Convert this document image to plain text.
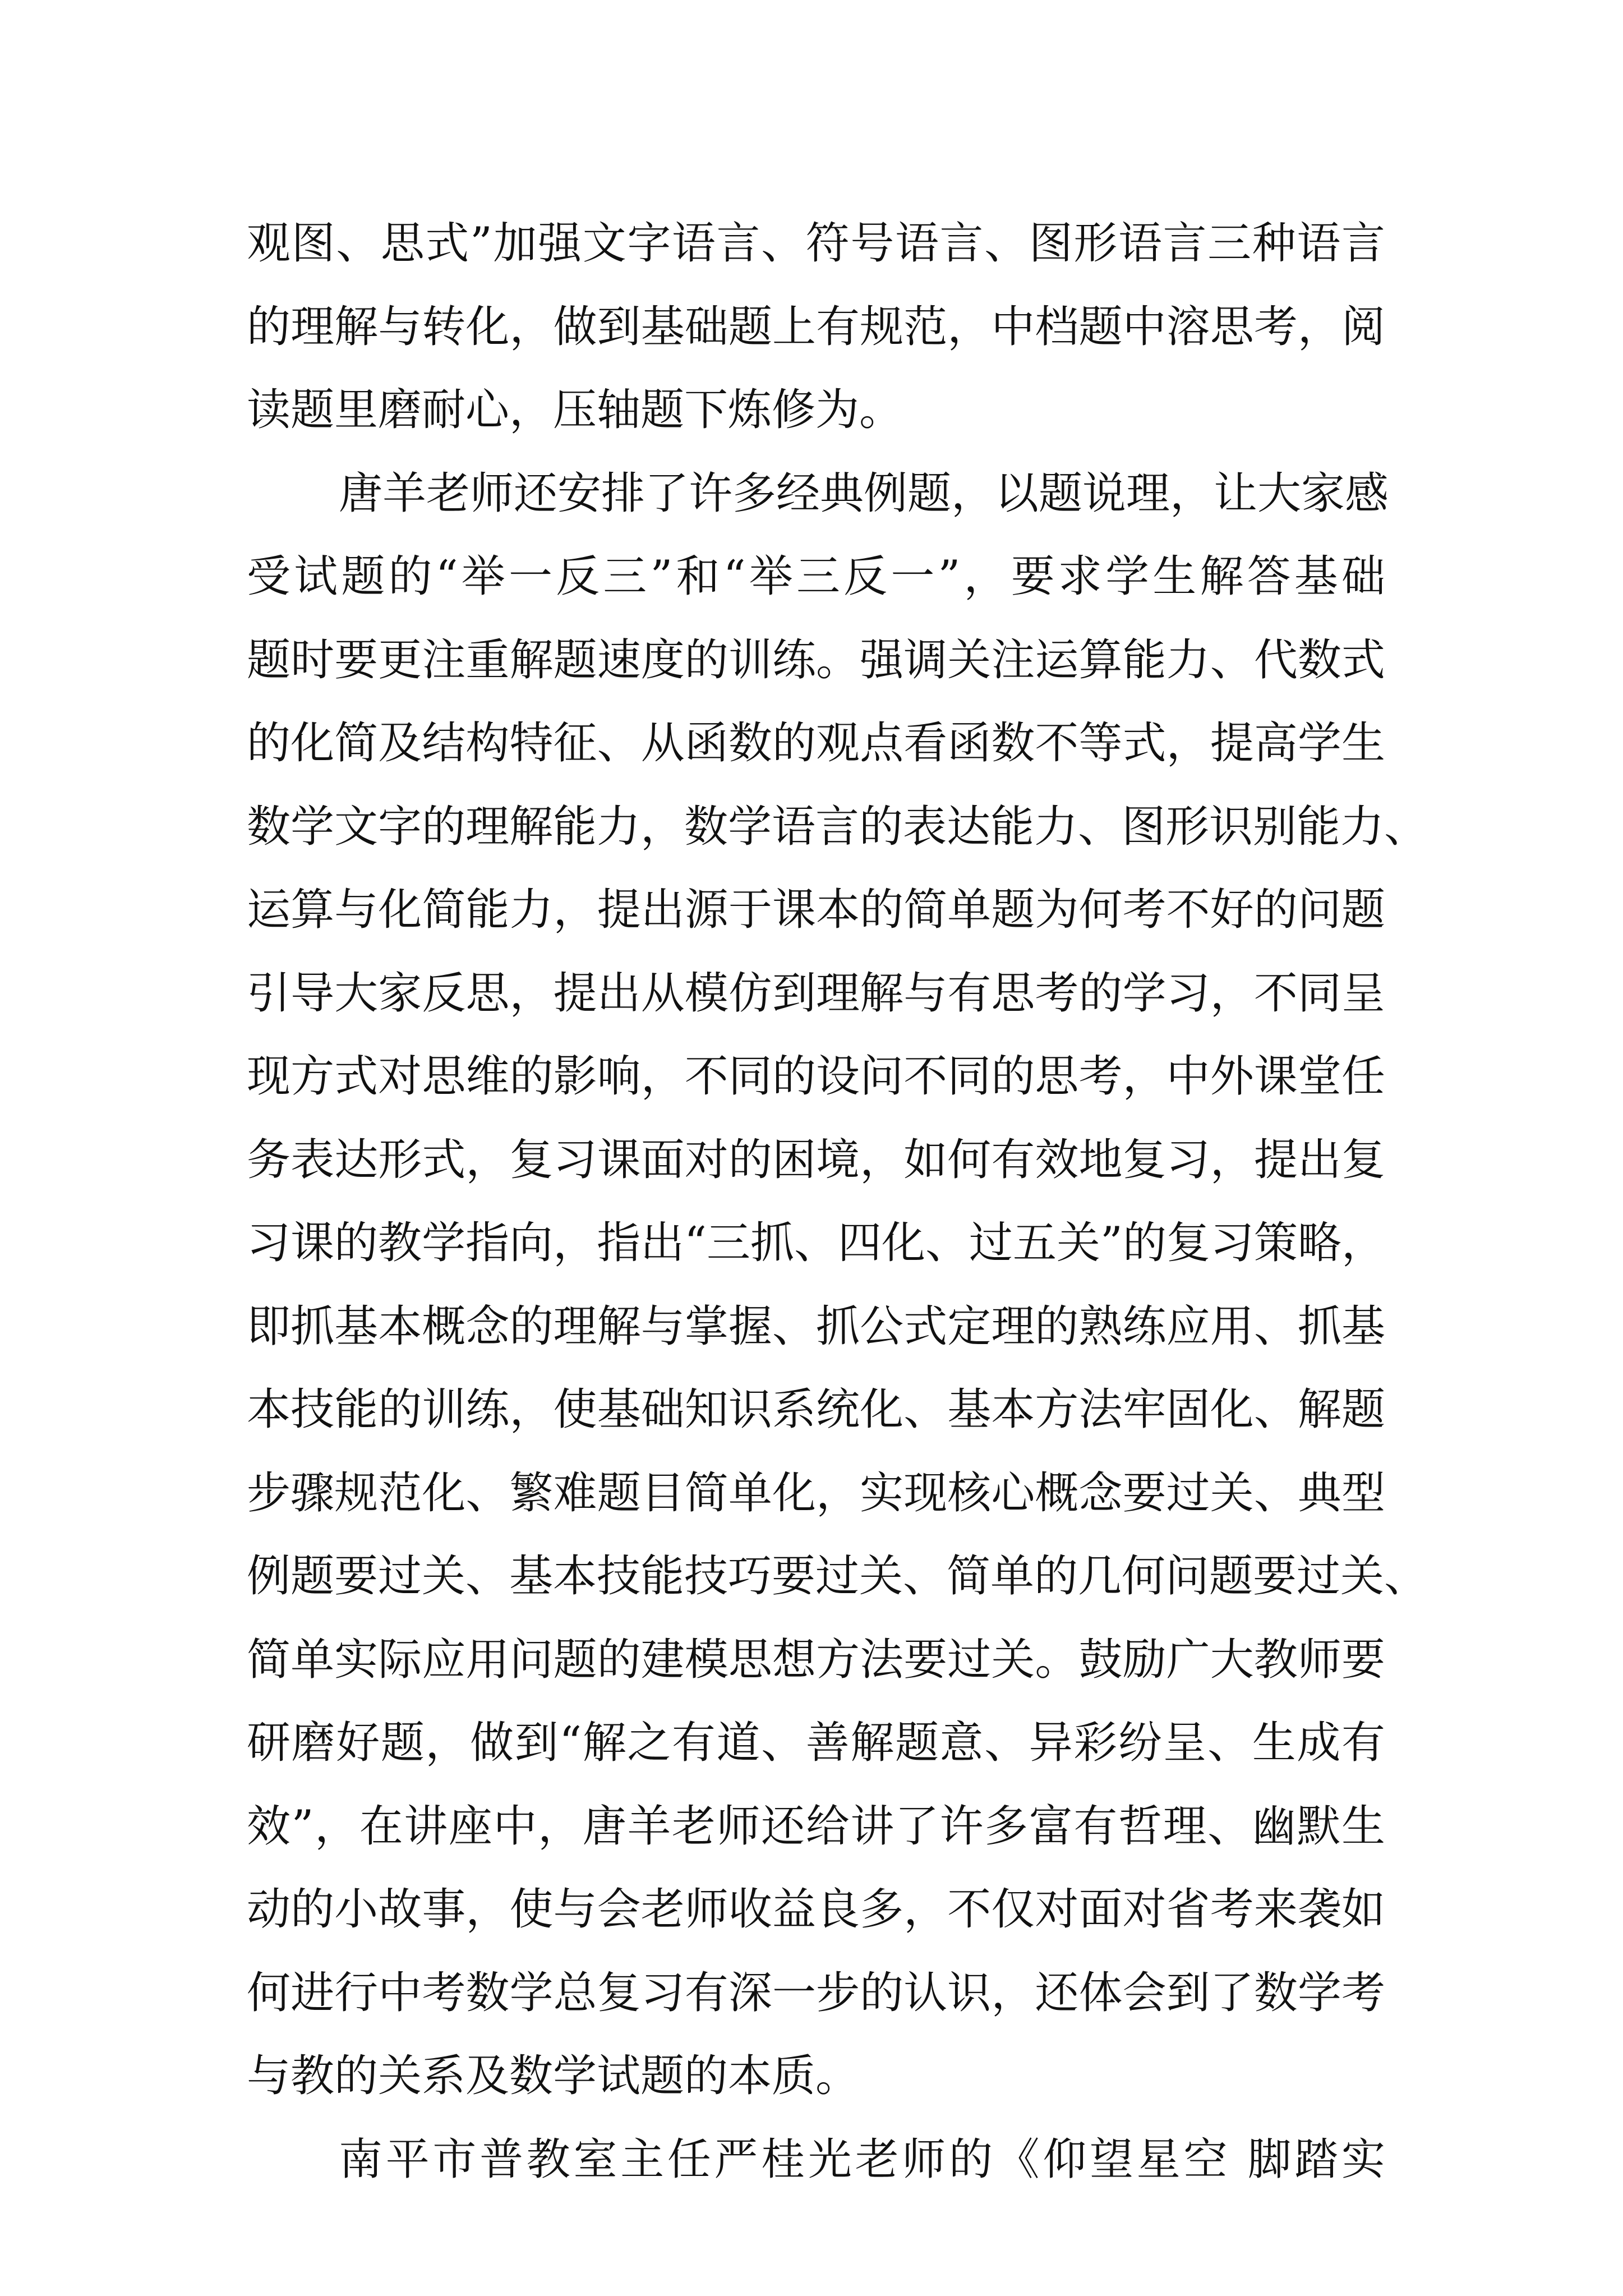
观图、思式”加强文字语言、符号语言、图形语言三种语言
的理解与转化，做到基础题上有规范，中档题中溶思考，阅
读题里磨耐心，压轴题下炼修为。
唐羊老师还安排了许多经典例题，以题说理，让大家感
受试题的“举一反三”和“举三反一”，要求学生解答基础
题时要更注重解题速度的训练。强调关注运算能力、代数式
的化简及结构特征、从函数的观点看函数不等式，提高学生
数学文字的理解能力，数学语言的表达能力、图形识别能力、
运算与化简能力，提出源于课本的简单题为何考不好的问题
引导大家反思，提出从模仿到理解与有思考的学习，不同呈
现方式对思维的影响，不同的设问不同的思考，中外课堂任
务表达形式，复习课面对的困境，如何有效地复习，提出复
习课的教学指向，指出“三抓、四化、过五关”的复习策略，
即抓基本概念的理解与掌握、抓公式定理的熟练应用、抓基
本技能的训练，使基础知识系统化、基本方法牢固化、解题
步骤规范化、繁难题目简单化，实现核心概念要过关、典型
例题要过关、基本技能技巧要过关、简单的几何问题要过关、
简单实际应用问题的建模思想方法要过关。鼓励广大教师要
研磨好题，做到“解之有道、善解题意、异彩纷呈、生成有
效”，在讲座中，唐羊老师还给讲了许多富有哲理、幽默生
动的小故事，使与会老师收益良多，不仅对面对省考来袭如
何进行中考数学总复习有深一步的认识，还体会到了数学考
与教的关系及数学试题的本质。
南平市普教室主任严桂光老师的《仰望星空 脚踏实
